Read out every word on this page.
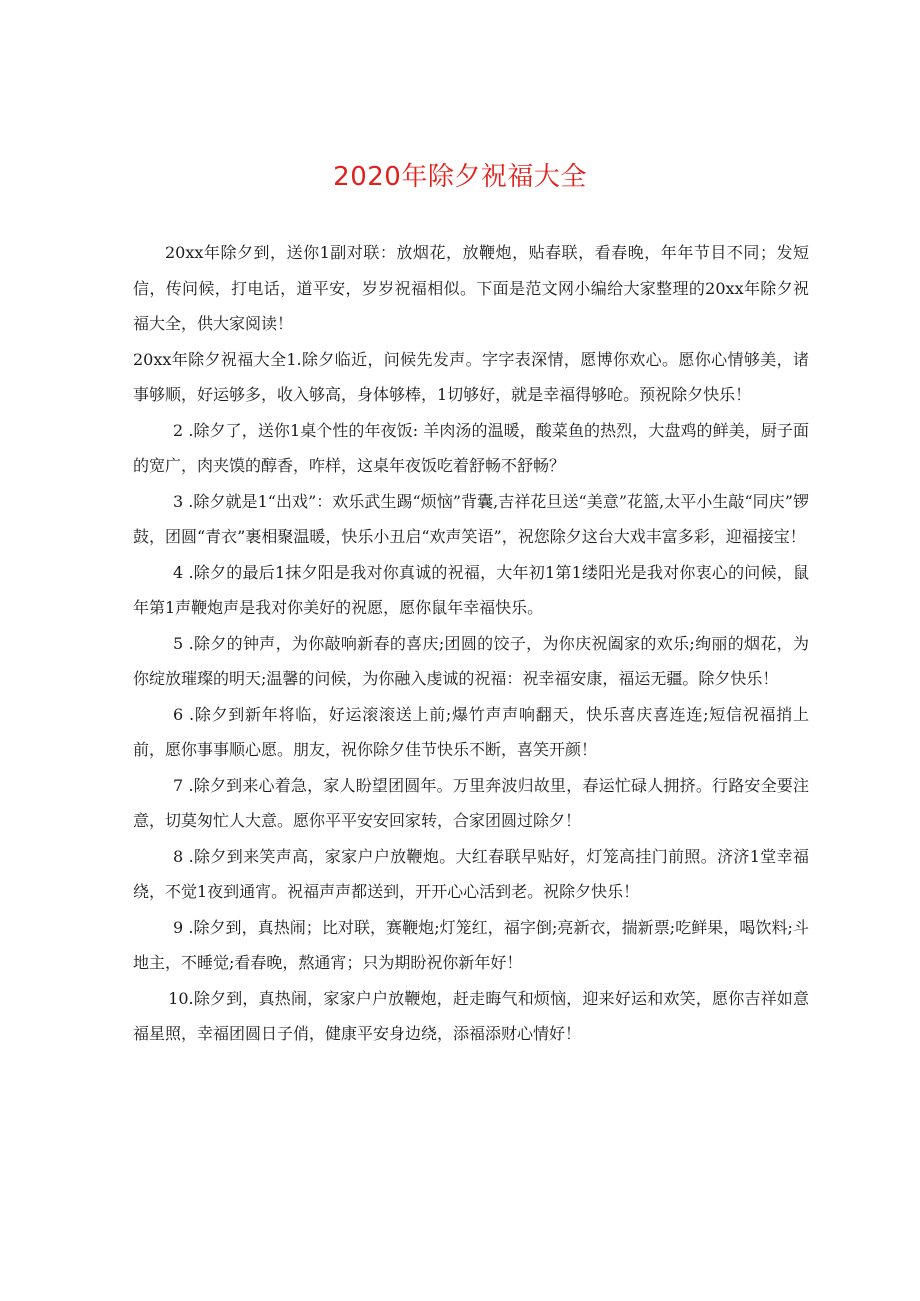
2020年除夕祝福大全

20xx年除夕到，送你1副对联：放烟花，放鞭炮，贴春联，看春晚，年年节目不同；发短信，传问候，打电话，道平安，岁岁祝福相似。下面是范文网小编给大家整理的20xx年除夕祝福大全，供大家阅读！

20xx年除夕祝福大全1.除夕临近，问候先发声。字字表深情，愿博你欢心。愿你心情够美，诸事够顺，好运够多，收入够高，身体够棒，1切够好，就是幸福得够呛。预祝除夕快乐！

2 .除夕了，送你1桌个性的年夜饭: 羊肉汤的温暖，酸菜鱼的热烈，大盘鸡的鲜美，厨子面的宽广，肉夹馍的醇香，咋样，这桌年夜饭吃着舒畅不舒畅？

3 .除夕就是1“出戏”：欢乐武生踢“烦恼”背囊,吉祥花旦送“美意”花篮,太平小生敲“同庆”锣鼓，团圆“青衣”裹相聚温暖，快乐小丑启“欢声笑语”，祝您除夕这台大戏丰富多彩，迎福接宝！

4 .除夕的最后1抹夕阳是我对你真诚的祝福，大年初1第1缕阳光是我对你衷心的问候，鼠年第1声鞭炮声是我对你美好的祝愿，愿你鼠年幸福快乐。

5 .除夕的钟声，为你敲响新春的喜庆;团圆的饺子，为你庆祝阖家的欢乐;绚丽的烟花，为你绽放璀璨的明天;温馨的问候，为你融入虔诚的祝福：祝幸福安康，福运无疆。除夕快乐！

6 .除夕到新年将临，好运滚滚送上前;爆竹声声响翻天，快乐喜庆喜连连;短信祝福捎上前，愿你事事顺心愿。朋友，祝你除夕佳节快乐不断，喜笑开颜！

7 .除夕到来心着急，家人盼望团圆年。万里奔波归故里，春运忙碌人拥挤。行路安全要注意，切莫匆忙人大意。愿你平平安安回家转，合家团圆过除夕！

8 .除夕到来笑声高，家家户户放鞭炮。大红春联早贴好，灯笼高挂门前照。济济1堂幸福绕，不觉1夜到通宵。祝福声声都送到，开开心心活到老。祝除夕快乐！

9 .除夕到，真热闹；比对联，赛鞭炮;灯笼红，福字倒;亮新衣，揣新票;吃鲜果，喝饮料;斗地主，不睡觉;看春晚，熬通宵；只为期盼祝你新年好！

10.除夕到，真热闹，家家户户放鞭炮，赶走晦气和烦恼，迎来好运和欢笑，愿你吉祥如意福星照，幸福团圆日子俏，健康平安身边绕，添福添财心情好！
